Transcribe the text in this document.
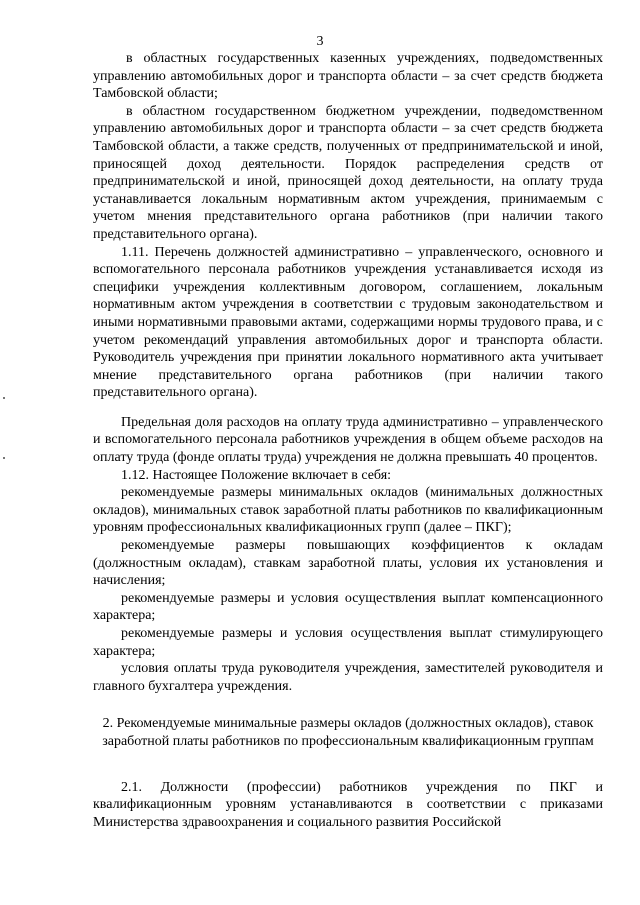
3

в областных государственных казенных учреждениях, подведомственных управлению автомобильных дорог и транспорта области – за счет средств бюджета Тамбовской области;

в областном государственном бюджетном учреждении, подведомственном управлению автомобильных дорог и транспорта области – за счет средств бюджета Тамбовской области, а также средств, полученных от предпринимательской и иной, приносящей доход деятельности. Порядок распределения средств от предпринимательской и иной, приносящей доход деятельности, на оплату труда устанавливается локальным нормативным актом учреждения, принимаемым с учетом мнения представительного органа работников (при наличии такого представительного органа).

1.11. Перечень должностей административно – управленческого, основного и вспомогательного персонала работников учреждения устанавливается исходя из специфики учреждения коллективным договором, соглашением, локальным нормативным актом учреждения в соответствии с трудовым законодательством и иными нормативными правовыми актами, содержащими нормы трудового права, и с учетом рекомендаций управления автомобильных дорог и транспорта области. Руководитель учреждения при принятии локального нормативного акта учитывает мнение представительного органа работников (при наличии такого представительного органа).

Предельная доля расходов на оплату труда административно – управленческого и вспомогательного персонала работников учреждения в общем объеме расходов на оплату труда (фонде оплаты труда) учреждения не должна превышать 40 процентов.

1.12. Настоящее Положение включает в себя:

рекомендуемые размеры минимальных окладов (минимальных должностных окладов), минимальных ставок заработной платы работников по квалификационным уровням профессиональных квалификационных групп (далее – ПКГ);

рекомендуемые размеры повышающих коэффициентов к окладам (должностным окладам), ставкам заработной платы, условия их установления и начисления;

рекомендуемые размеры и условия осуществления выплат компенсационного характера;

рекомендуемые размеры и условия осуществления выплат стимулирующего характера;

условия оплаты труда руководителя учреждения, заместителей руководителя и главного бухгалтера учреждения.

2. Рекомендуемые минимальные размеры окладов (должностных окладов), ставок заработной платы работников по профессиональным квалификационным группам

2.1. Должности (профессии) работников учреждения по ПКГ и квалификационным уровням устанавливаются в соответствии с приказами Министерства здравоохранения и социального развития Российской
